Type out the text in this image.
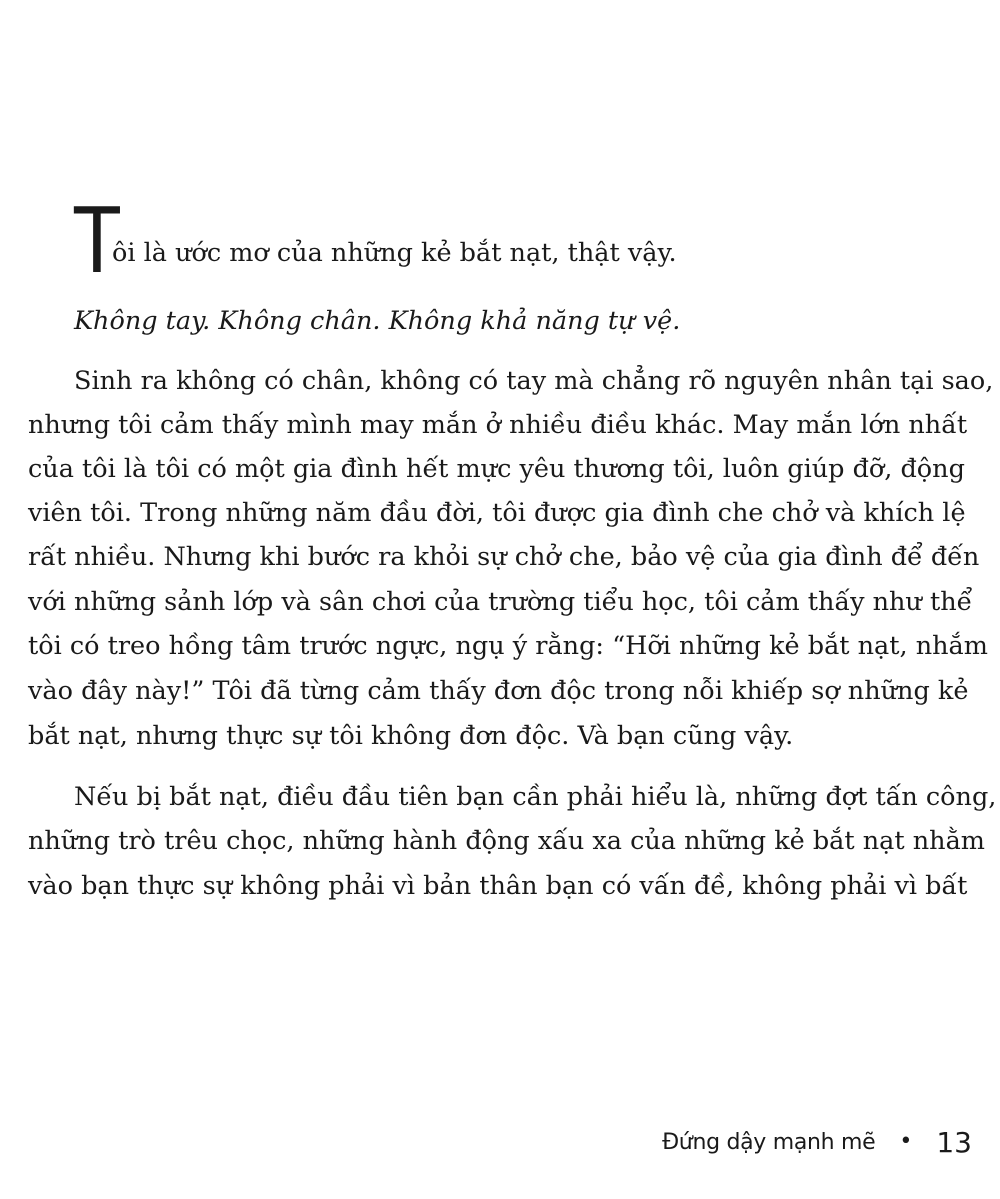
T
ôi là ước mơ của những kẻ bắt nạt, thật vậy.
Không tay. Không chân. Không khả năng tự vệ.
Sinh ra không có chân, không có tay mà chẳng rõ nguyên nhân tại sao,
nhưng tôi cảm thấy mình may mắn ở nhiều điều khác. May mắn lớn nhất
của tôi là tôi có một gia đình hết mực yêu thương tôi, luôn giúp đỡ, động
viên tôi. Trong những năm đầu đời, tôi được gia đình che chở và khích lệ
rất nhiều. Nhưng khi bước ra khỏi sự chở che, bảo vệ của gia đình để đến
với những sảnh lớp và sân chơi của trường tiểu học, tôi cảm thấy như thể
tôi có treo hồng tâm trước ngực, ngụ ý rằng: “Hỡi những kẻ bắt nạt, nhắm
vào đây này!” Tôi đã từng cảm thấy đơn độc trong nỗi khiếp sợ những kẻ
bắt nạt, nhưng thực sự tôi không đơn độc. Và bạn cũng vậy.
Nếu bị bắt nạt, điều đầu tiên bạn cần phải hiểu là, những đợt tấn công,
những trò trêu chọc, những hành động xấu xa của những kẻ bắt nạt nhằm
vào bạn thực sự không phải vì bản thân bạn có vấn đề, không phải vì bất
Đứng dậy mạnh mẽ • 13
